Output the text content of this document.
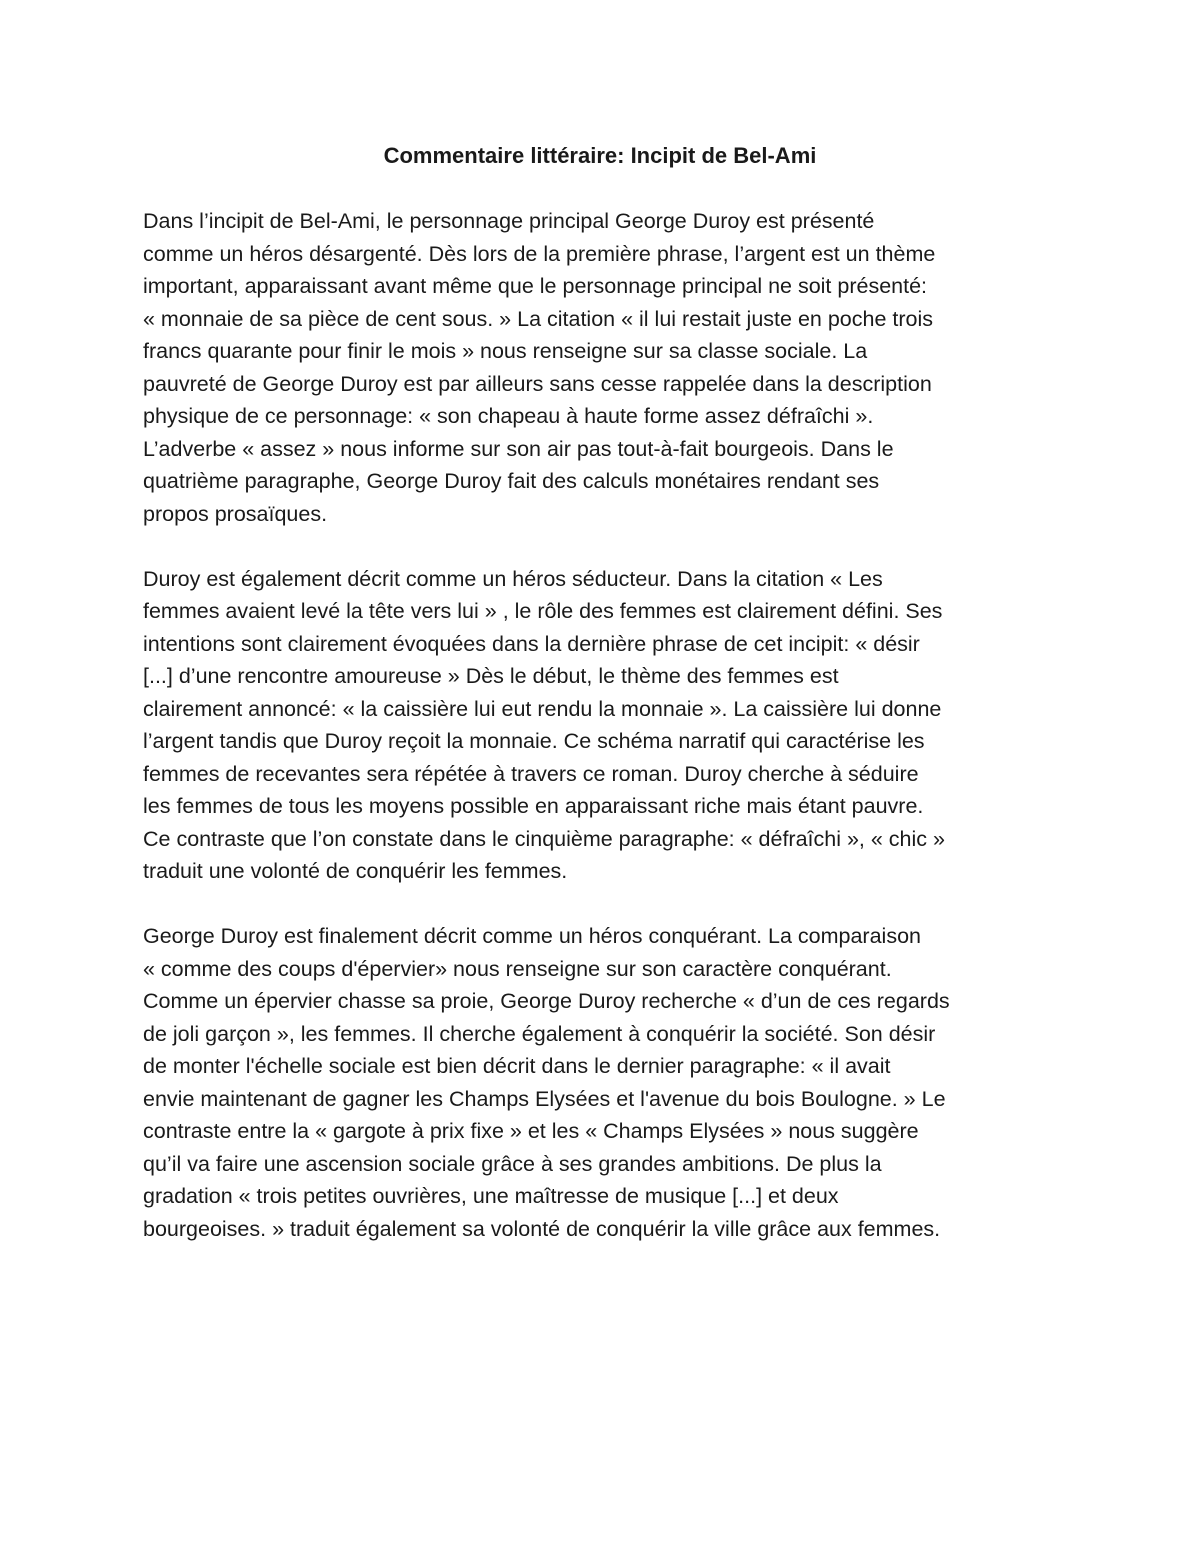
Commentaire littéraire: Incipit de Bel-Ami

Dans l’incipit de Bel-Ami, le personnage principal George Duroy est présenté
comme un héros désargenté. Dès lors de la première phrase, l’argent est un thème
important, apparaissant avant même que le personnage principal ne soit présenté:
« monnaie de sa pièce de cent sous. » La citation « il lui restait juste en poche trois
francs quarante pour finir le mois » nous renseigne sur sa classe sociale. La
pauvreté de George Duroy est par ailleurs sans cesse rappelée dans la description
physique de ce personnage: « son chapeau à haute forme assez défraîchi ».
L’adverbe « assez » nous informe sur son air pas tout-à-fait bourgeois. Dans le
quatrième paragraphe, George Duroy fait des calculs monétaires rendant ses
propos prosaïques.

Duroy est également décrit comme un héros séducteur. Dans la citation « Les
femmes avaient levé la tête vers lui » , le rôle des femmes est clairement défini. Ses
intentions sont clairement évoquées dans la dernière phrase de cet incipit: « désir
[...] d’une rencontre amoureuse » Dès le début, le thème des femmes est
clairement annoncé: « la caissière lui eut rendu la monnaie ». La caissière lui donne
l’argent tandis que Duroy reçoit la monnaie. Ce schéma narratif qui caractérise les
femmes de recevantes sera répétée à travers ce roman. Duroy cherche à séduire
les femmes de tous les moyens possible en apparaissant riche mais étant pauvre.
Ce contraste que l’on constate dans le cinquième paragraphe: « défraîchi », « chic »
traduit une volonté de conquérir les femmes.

George Duroy est finalement décrit comme un héros conquérant. La comparaison
« comme des coups d'épervier» nous renseigne sur son caractère conquérant.
Comme un épervier chasse sa proie, George Duroy recherche « d’un de ces regards
de joli garçon », les femmes. Il cherche également à conquérir la société. Son désir
de monter l'échelle sociale est bien décrit dans le dernier paragraphe: « il avait
envie maintenant de gagner les Champs Elysées et l'avenue du bois Boulogne. » Le
contraste entre la « gargote à prix fixe » et les « Champs Elysées » nous suggère
qu’il va faire une ascension sociale grâce à ses grandes ambitions. De plus la
gradation « trois petites ouvrières, une maîtresse de musique [...] et deux
bourgeoises. » traduit également sa volonté de conquérir la ville grâce aux femmes.
